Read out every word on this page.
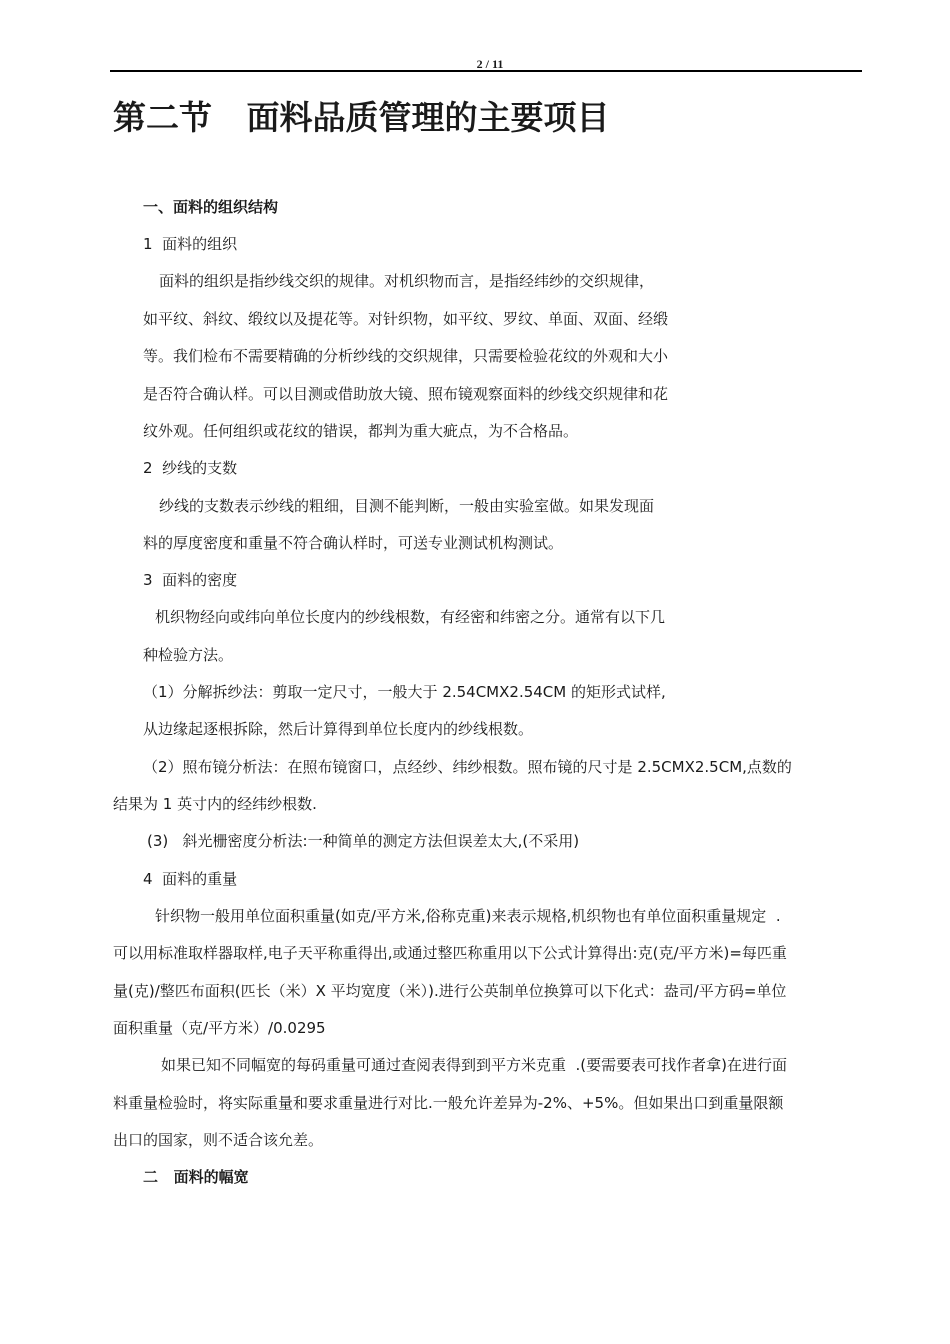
2 / 11
第二节   面料品质管理的主要项目

一、面料的组织结构

1  面料的组织

面料的组织是指纱线交织的规律。对机织物而言，是指经纬纱的交织规律，

如平纹、斜纹、缎纹以及提花等。对针织物，如平纹、罗纹、单面、双面、经缎

等。我们检布不需要精确的分析纱线的交织规律，只需要检验花纹的外观和大小

是否符合确认样。可以目测或借助放大镜、照布镜观察面料的纱线交织规律和花

纹外观。任何组织或花纹的错误，都判为重大疵点，为不合格品。

2  纱线的支数

纱线的支数表示纱线的粗细，目测不能判断，一般由实验室做。如果发现面

料的厚度密度和重量不符合确认样时，可送专业测试机构测试。

3  面料的密度

机织物经向或纬向单位长度内的纱线根数，有经密和纬密之分。通常有以下几

种检验方法。

（1）分解拆纱法：剪取一定尺寸，一般大于 2.54CMX2.54CM 的矩形式试样,

从边缘起逐根拆除，然后计算得到单位长度内的纱线根数。

（2）照布镜分析法：在照布镜窗口，点经纱、纬纱根数。照布镜的尺寸是 2.5CMX2.5CM,点数的

结果为 1 英寸内的经纬纱根数.

(3)   斜光栅密度分析法:一种简单的测定方法但误差太大,(不采用)

4  面料的重量

针织物一般用单位面积重量(如克/平方米,俗称克重)来表示规格,机织物也有单位面积重量规定  .

可以用标准取样器取样,电子天平称重得出,或通过整匹称重用以下公式计算得出:克(克/平方米)=每匹重

量(克)/整匹布面积(匹长（米）X 平均宽度（米）).进行公英制单位换算可以下化式：盎司/平方码=单位

面积重量（克/平方米）/0.0295

如果已知不同幅宽的每码重量可通过查阅表得到到平方米克重  .(要需要表可找作者拿)在进行面

料重量检验时，将实际重量和要求重量进行对比.一般允许差异为-2%、+5%。但如果出口到重量限额

出口的国家，则不适合该允差。

二   面料的幅宽
